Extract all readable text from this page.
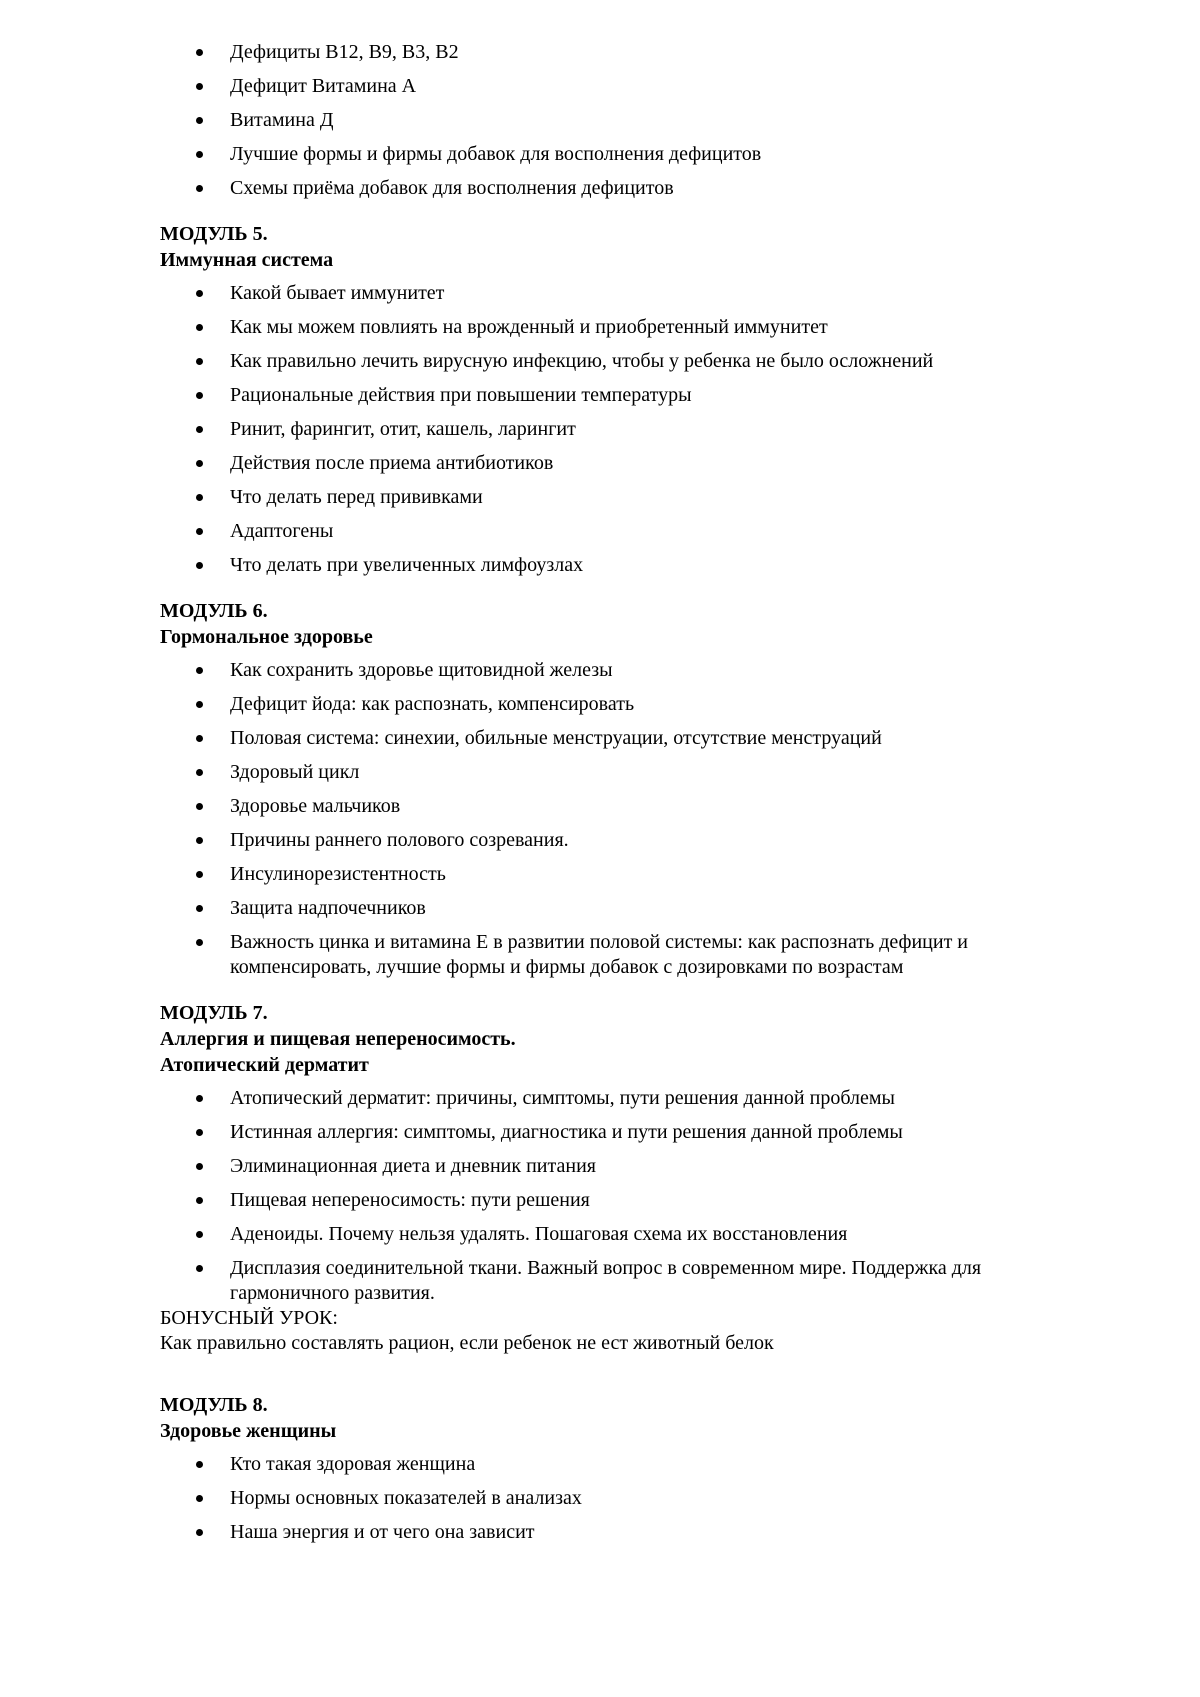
Дефициты В12, В9, В3, В2
Дефицит Витамина А
Витамина Д
Лучшие формы и фирмы добавок для восполнения дефицитов
Схемы приёма добавок для восполнения дефицитов
МОДУЛЬ 5.
Иммунная система
Какой бывает иммунитет
Как мы можем повлиять на врожденный и приобретенный иммунитет
Как правильно лечить вирусную инфекцию, чтобы у ребенка не было осложнений
Рациональные действия при повышении температуры
Ринит, фарингит, отит, кашель, ларингит
Действия после приема антибиотиков
Что делать перед прививками
Адаптогены
Что делать при увеличенных лимфоузлах
МОДУЛЬ 6.
Гормональное здоровье
Как сохранить здоровье щитовидной железы
Дефицит йода: как распознать, компенсировать
Половая система: синехии, обильные менструации, отсутствие менструаций
Здоровый цикл
Здоровье мальчиков
Причины раннего полового созревания.
Инсулинорезистентность
Защита надпочечников
Важность цинка и витамина Е в развитии половой системы: как распознать дефицит и компенсировать, лучшие формы и фирмы добавок с дозировками по возрастам
МОДУЛЬ 7.
Аллергия и пищевая непереносимость.
Атопический дерматит
Атопический дерматит: причины, симптомы, пути решения данной проблемы
Истинная аллергия: симптомы, диагностика и пути решения данной проблемы
Элиминационная диета и дневник питания
Пищевая непереносимость: пути решения
Аденоиды. Почему нельзя удалять. Пошаговая схема их восстановления
Дисплазия соединительной ткани. Важный вопрос в современном мире. Поддержка для гармоничного развития.
БОНУСНЫЙ УРОК:
Как правильно составлять рацион, если ребенок не ест животный белок
МОДУЛЬ 8.
Здоровье женщины
Кто такая здоровая женщина
Нормы основных показателей в анализах
Наша энергия и от чего она зависит
